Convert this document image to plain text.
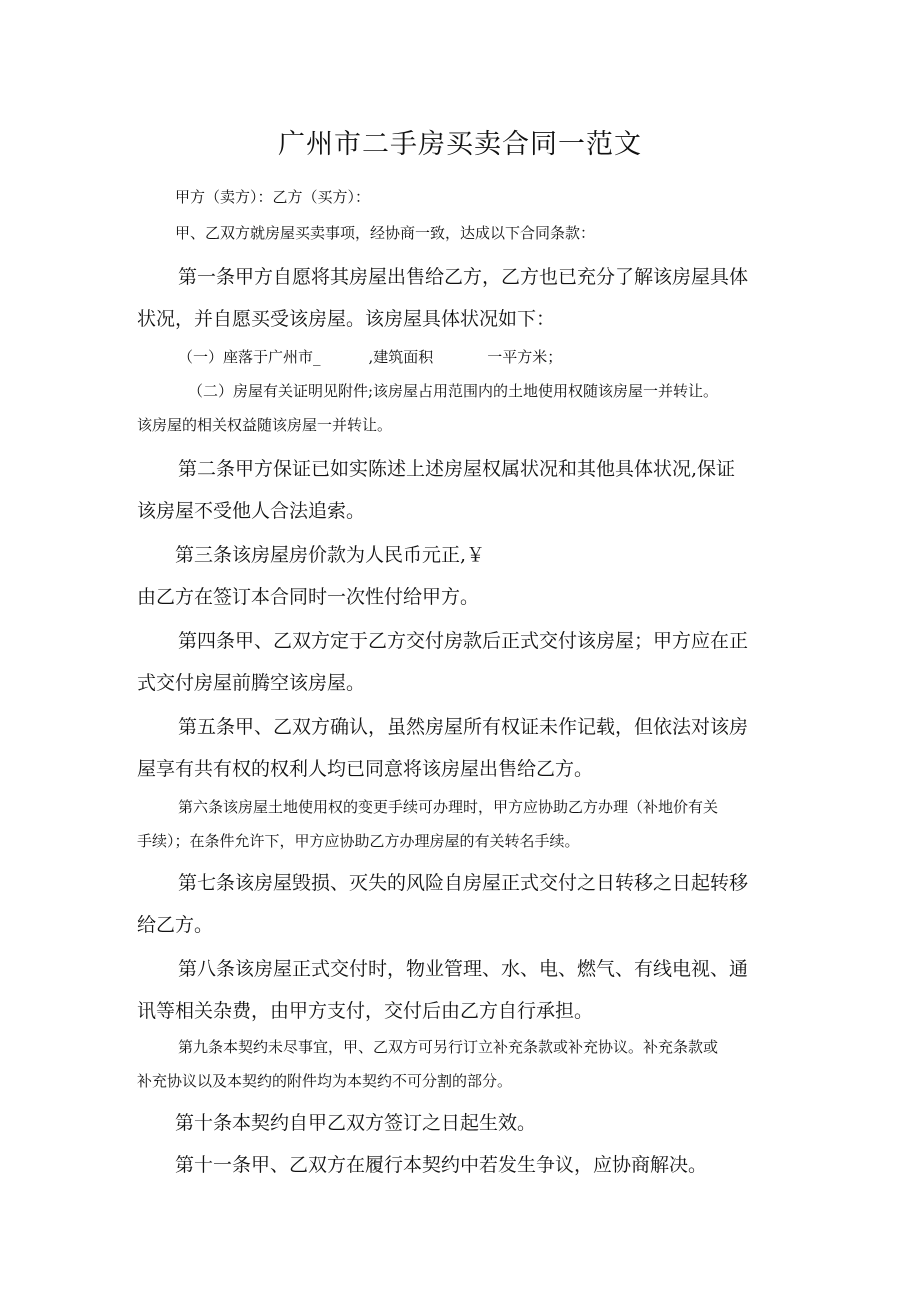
广州市二手房买卖合同一范文

甲方（卖方）：乙方（买方）：

甲、乙双方就房屋买卖事项，经协商一致，达成以下合同条款：

第一条甲方自愿将其房屋出售给乙方，乙方也已充分了解该房屋具体

状况，并自愿买受该房屋。该房屋具体状况如下：

（一）座落于广州市_	,建筑面积	一平方米；

（二）房屋有关证明见附件;该房屋占用范围内的土地使用权随该房屋一并转让。

该房屋的相关权益随该房屋一并转让。

第二条甲方保证已如实陈述上述房屋权属状况和其他具体状况,保证

该房屋不受他人合法追索。

第三条该房屋房价款为人民币元正,￥

由乙方在签订本合同时一次性付给甲方。

第四条甲、乙双方定于乙方交付房款后正式交付该房屋；甲方应在正

式交付房屋前腾空该房屋。

第五条甲、乙双方确认，虽然房屋所有权证未作记载，但依法对该房

屋享有共有权的权利人均已同意将该房屋出售给乙方。

第六条该房屋土地使用权的变更手续可办理时，甲方应协助乙方办理（补地价有关

手续）；在条件允许下，甲方应协助乙方办理房屋的有关转名手续。

第七条该房屋毁损、灭失的风险自房屋正式交付之日转移之日起转移

给乙方。

第八条该房屋正式交付时，物业管理、水、电、燃气、有线电视、通

讯等相关杂费，由甲方支付，交付后由乙方自行承担。

第九条本契约未尽事宜，甲、乙双方可另行订立补充条款或补充协议。补充条款或

补充协议以及本契约的附件均为本契约不可分割的部分。

第十条本契约自甲乙双方签订之日起生效。

第十一条甲、乙双方在履行本契约中若发生争议，应协商解决。
